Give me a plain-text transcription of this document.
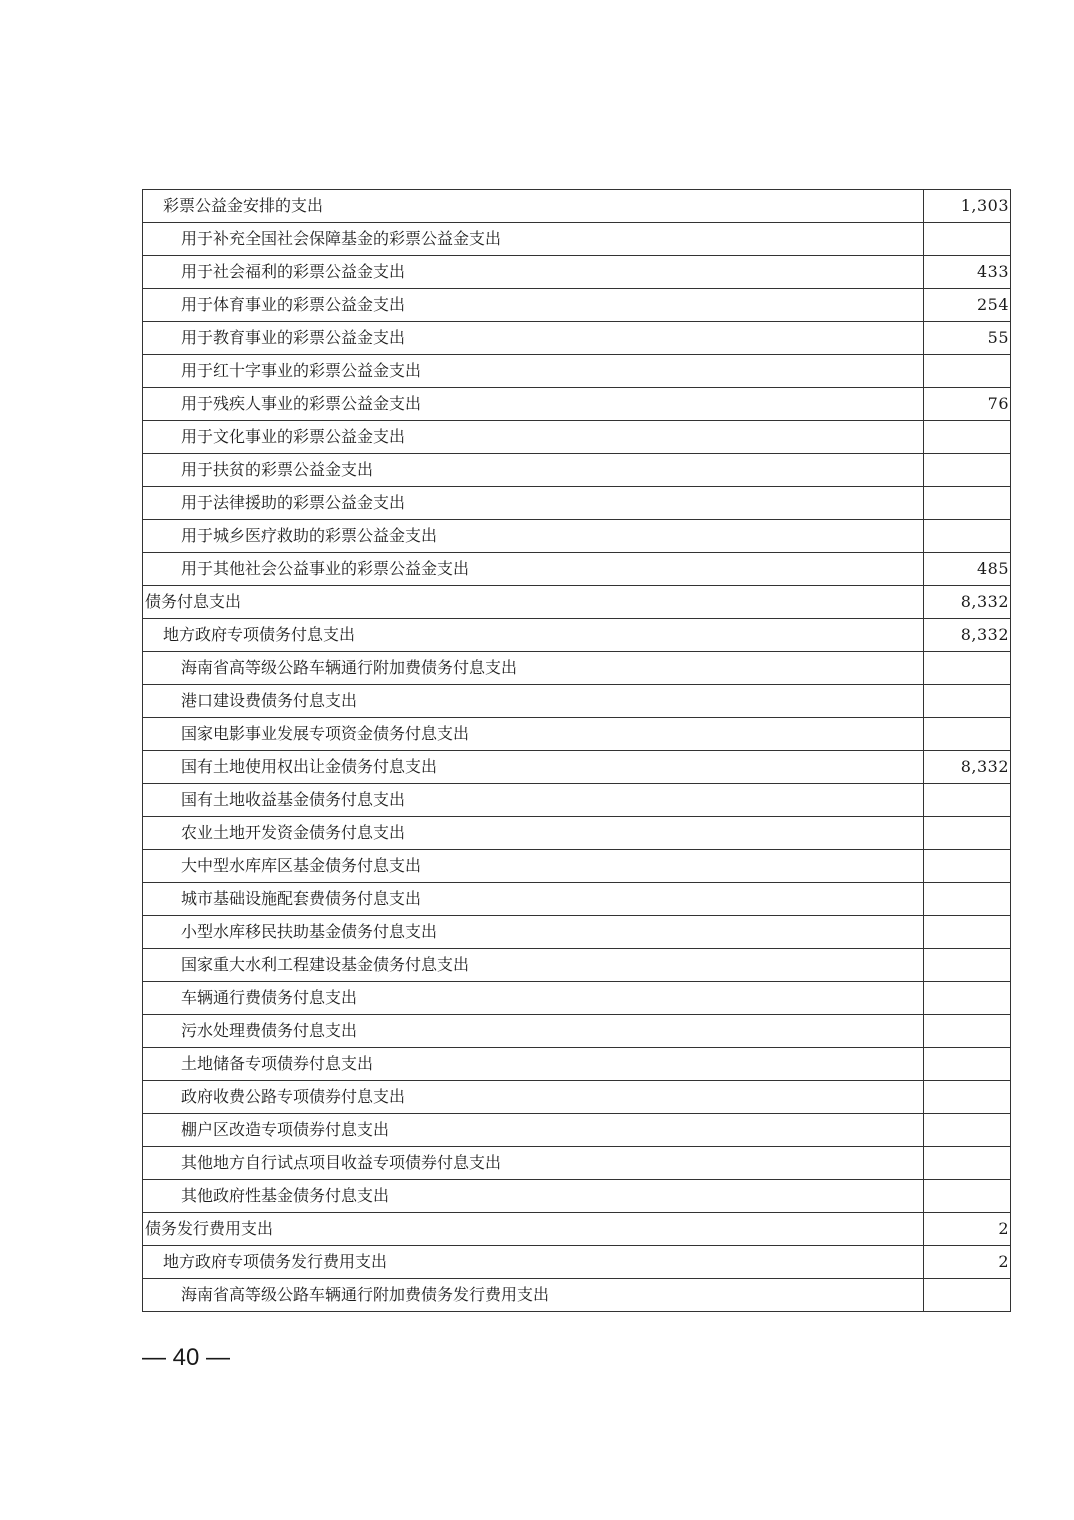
彩票公益金安排的支出	1,303
用于补充全国社会保障基金的彩票公益金支出	
用于社会福利的彩票公益金支出	433
用于体育事业的彩票公益金支出	254
用于教育事业的彩票公益金支出	55
用于红十字事业的彩票公益金支出	
用于残疾人事业的彩票公益金支出	76
用于文化事业的彩票公益金支出	
用于扶贫的彩票公益金支出	
用于法律援助的彩票公益金支出	
用于城乡医疗救助的彩票公益金支出	
用于其他社会公益事业的彩票公益金支出	485
债务付息支出	8,332
地方政府专项债务付息支出	8,332
海南省高等级公路车辆通行附加费债务付息支出	
港口建设费债务付息支出	
国家电影事业发展专项资金债务付息支出	
国有土地使用权出让金债务付息支出	8,332
国有土地收益基金债务付息支出	
农业土地开发资金债务付息支出	
大中型水库库区基金债务付息支出	
城市基础设施配套费债务付息支出	
小型水库移民扶助基金债务付息支出	
国家重大水利工程建设基金债务付息支出	
车辆通行费债务付息支出	
污水处理费债务付息支出	
土地储备专项债券付息支出	
政府收费公路专项债券付息支出	
棚户区改造专项债券付息支出	
其他地方自行试点项目收益专项债券付息支出	
其他政府性基金债务付息支出	
债务发行费用支出	2
地方政府专项债务发行费用支出	2
海南省高等级公路车辆通行附加费债务发行费用支出	
— 40 —
